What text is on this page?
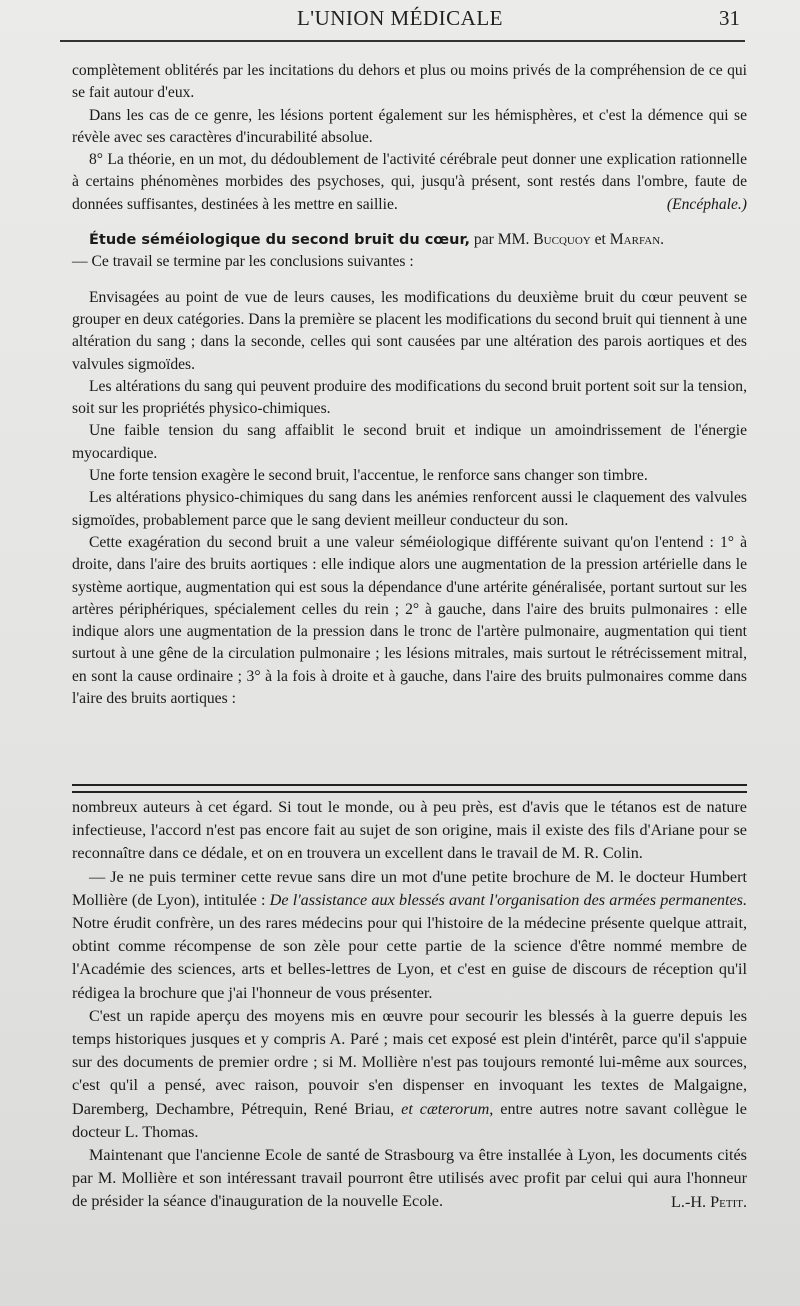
L'UNION MÉDICALE	31

complètement oblitérés par les incitations du dehors et plus ou moins privés de la compréhension de ce qui se fait autour d'eux.

Dans les cas de ce genre, les lésions portent également sur les hémisphères, et c'est la démence qui se révèle avec ses caractères d'incurabilité absolue.

8° La théorie, en un mot, du dédoublement de l'activité cérébrale peut donner une explication rationnelle à certains phénomènes morbides des psychoses, qui, jusqu'à présent, sont restés dans l'ombre, faute de données suffisantes, destinées à les mettre en saillie.	(Encéphale.)

Étude séméiologique du second bruit du cœur, par MM. Bucquoy et Marfan.

— Ce travail se termine par les conclusions suivantes :

Envisagées au point de vue de leurs causes, les modifications du deuxième bruit du cœur peuvent se grouper en deux catégories. Dans la première se placent les modifications du second bruit qui tiennent à une altération du sang ; dans la seconde, celles qui sont causées par une altération des parois aortiques et des valvules sigmoïdes.

Les altérations du sang qui peuvent produire des modifications du second bruit portent soit sur la tension, soit sur les propriétés physico-chimiques.

Une faible tension du sang affaiblit le second bruit et indique un amoindrissement de l'énergie myocardique.

Une forte tension exagère le second bruit, l'accentue, le renforce sans changer son timbre.

Les altérations physico-chimiques du sang dans les anémies renforcent aussi le claquement des valvules sigmoïdes, probablement parce que le sang devient meilleur conducteur du son.

Cette exagération du second bruit a une valeur séméiologique différente suivant qu'on l'entend : 1° à droite, dans l'aire des bruits aortiques : elle indique alors une augmentation de la pression artérielle dans le système aortique, augmentation qui est sous la dépendance d'une artérite généralisée, portant surtout sur les artères périphériques, spécialement celles du rein ; 2° à gauche, dans l'aire des bruits pulmonaires : elle indique alors une augmentation de la pression dans le tronc de l'artère pulmonaire, augmentation qui tient surtout à une gêne de la circulation pulmonaire ; les lésions mitrales, mais surtout le rétrécissement mitral, en sont la cause ordinaire ; 3° à la fois à droite et à gauche, dans l'aire des bruits pulmonaires comme dans l'aire des bruits aortiques :

nombreux auteurs à cet égard. Si tout le monde, ou à peu près, est d'avis que le tétanos est de nature infectieuse, l'accord n'est pas encore fait au sujet de son origine, mais il existe des fils d'Ariane pour se reconnaître dans ce dédale, et on en trouvera un excellent dans le travail de M. R. Colin.

— Je ne puis terminer cette revue sans dire un mot d'une petite brochure de M. le docteur Humbert Mollière (de Lyon), intitulée : De l'assistance aux blessés avant l'organisation des armées permanentes. Notre érudit confrère, un des rares médecins pour qui l'histoire de la médecine présente quelque attrait, obtint comme récompense de son zèle pour cette partie de la science d'être nommé membre de l'Académie des sciences, arts et belles-lettres de Lyon, et c'est en guise de discours de réception qu'il rédigea la brochure que j'ai l'honneur de vous présenter.

C'est un rapide aperçu des moyens mis en œuvre pour secourir les blessés à la guerre depuis les temps historiques jusques et y compris A. Paré ; mais cet exposé est plein d'intérêt, parce qu'il s'appuie sur des documents de premier ordre ; si M. Mollière n'est pas toujours remonté lui-même aux sources, c'est qu'il a pensé, avec raison, pouvoir s'en dispenser en invoquant les textes de Malgaigne, Daremberg, Dechambre, Pétrequin, René Briau, et cæterorum, entre autres notre savant collègue le docteur L. Thomas.

Maintenant que l'ancienne Ecole de santé de Strasbourg va être installée à Lyon, les documents cités par M. Mollière et son intéressant travail pourront être utilisés avec profit par celui qui aura l'honneur de présider la séance d'inauguration de la nouvelle Ecole.	L.-H. Petit.
